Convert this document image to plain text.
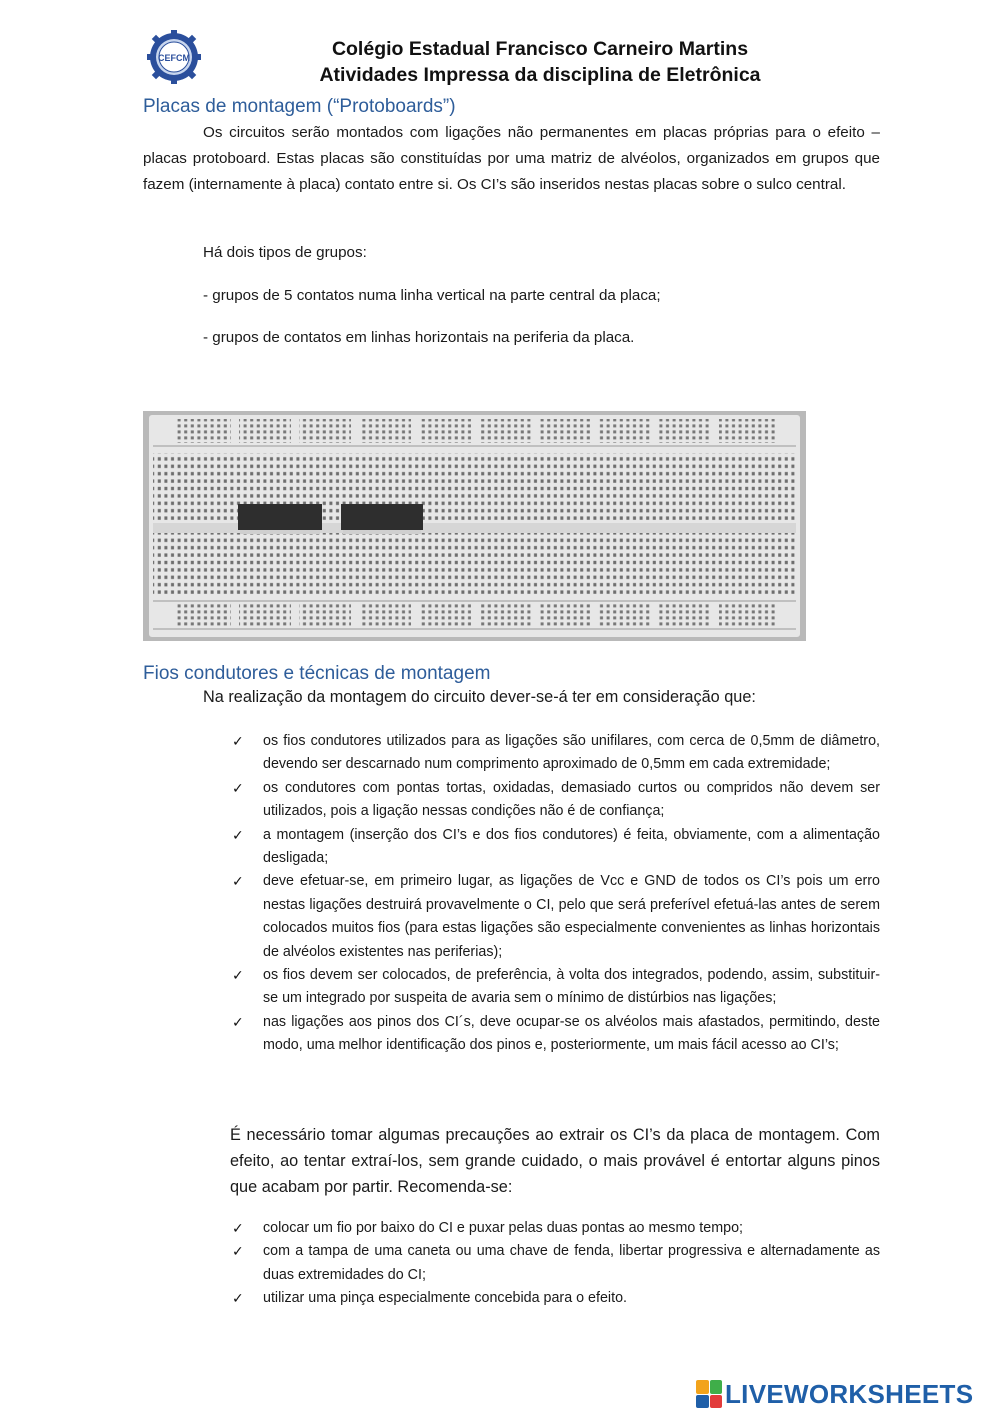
CEFCM	Colégio Estadual Francisco Carneiro Martins
Atividades Impressa da disciplina de Eletrônica
Placas de montagem (“Protoboards”)
Os circuitos serão montados com ligações não permanentes em placas próprias para o efeito – placas protoboard. Estas placas são constituídas por uma matriz de alvéolos, organizados em grupos que fazem (internamente à placa) contato entre si. Os CI’s são inseridos nestas placas sobre o sulco central.
Há dois tipos de grupos:
- grupos de 5 contatos numa linha vertical na parte central da placa;
- grupos de contatos em linhas horizontais na periferia da placa.
Fios condutores e técnicas de montagem
Na realização da montagem do circuito dever-se-á ter em consideração que:
✓ os fios condutores utilizados para as ligações são unifilares, com cerca de 0,5mm de diâmetro, devendo ser descarnado num comprimento aproximado de 0,5mm em cada extremidade;
✓ os condutores com pontas tortas, oxidadas, demasiado curtos ou compridos não devem ser utilizados, pois a ligação nessas condições não é de confiança;
✓ a montagem (inserção dos CI’s e dos fios condutores) é feita, obviamente, com a alimentação desligada;
✓ deve efetuar-se, em primeiro lugar, as ligações de Vcc e GND de todos os CI’s pois um erro nestas ligações destruirá provavelmente o CI, pelo que será preferível efetuá-las antes de serem colocados muitos fios (para estas ligações são especialmente convenientes as linhas horizontais de alvéolos existentes nas periferias);
✓ os fios devem ser colocados, de preferência, à volta dos integrados, podendo, assim, substituir-se um integrado por suspeita de avaria sem o mínimo de distúrbios nas ligações;
✓ nas ligações aos pinos dos CI´s, deve ocupar-se os alvéolos mais afastados, permitindo, deste modo, uma melhor identificação dos pinos e, posteriormente, um mais fácil acesso ao CI’s;
É necessário tomar algumas precauções ao extrair os CI’s da placa de montagem. Com efeito, ao tentar extraí-los, sem grande cuidado, o mais provável é entortar alguns pinos que acabam por partir. Recomenda-se:
✓ colocar um fio por baixo do CI e puxar pelas duas pontas ao mesmo tempo;
✓ com a tampa de uma caneta ou uma chave de fenda, libertar progressiva e alternadamente as duas extremidades do CI;
✓ utilizar uma pinça especialmente concebida para o efeito.
LIVEWORKSHEETS
